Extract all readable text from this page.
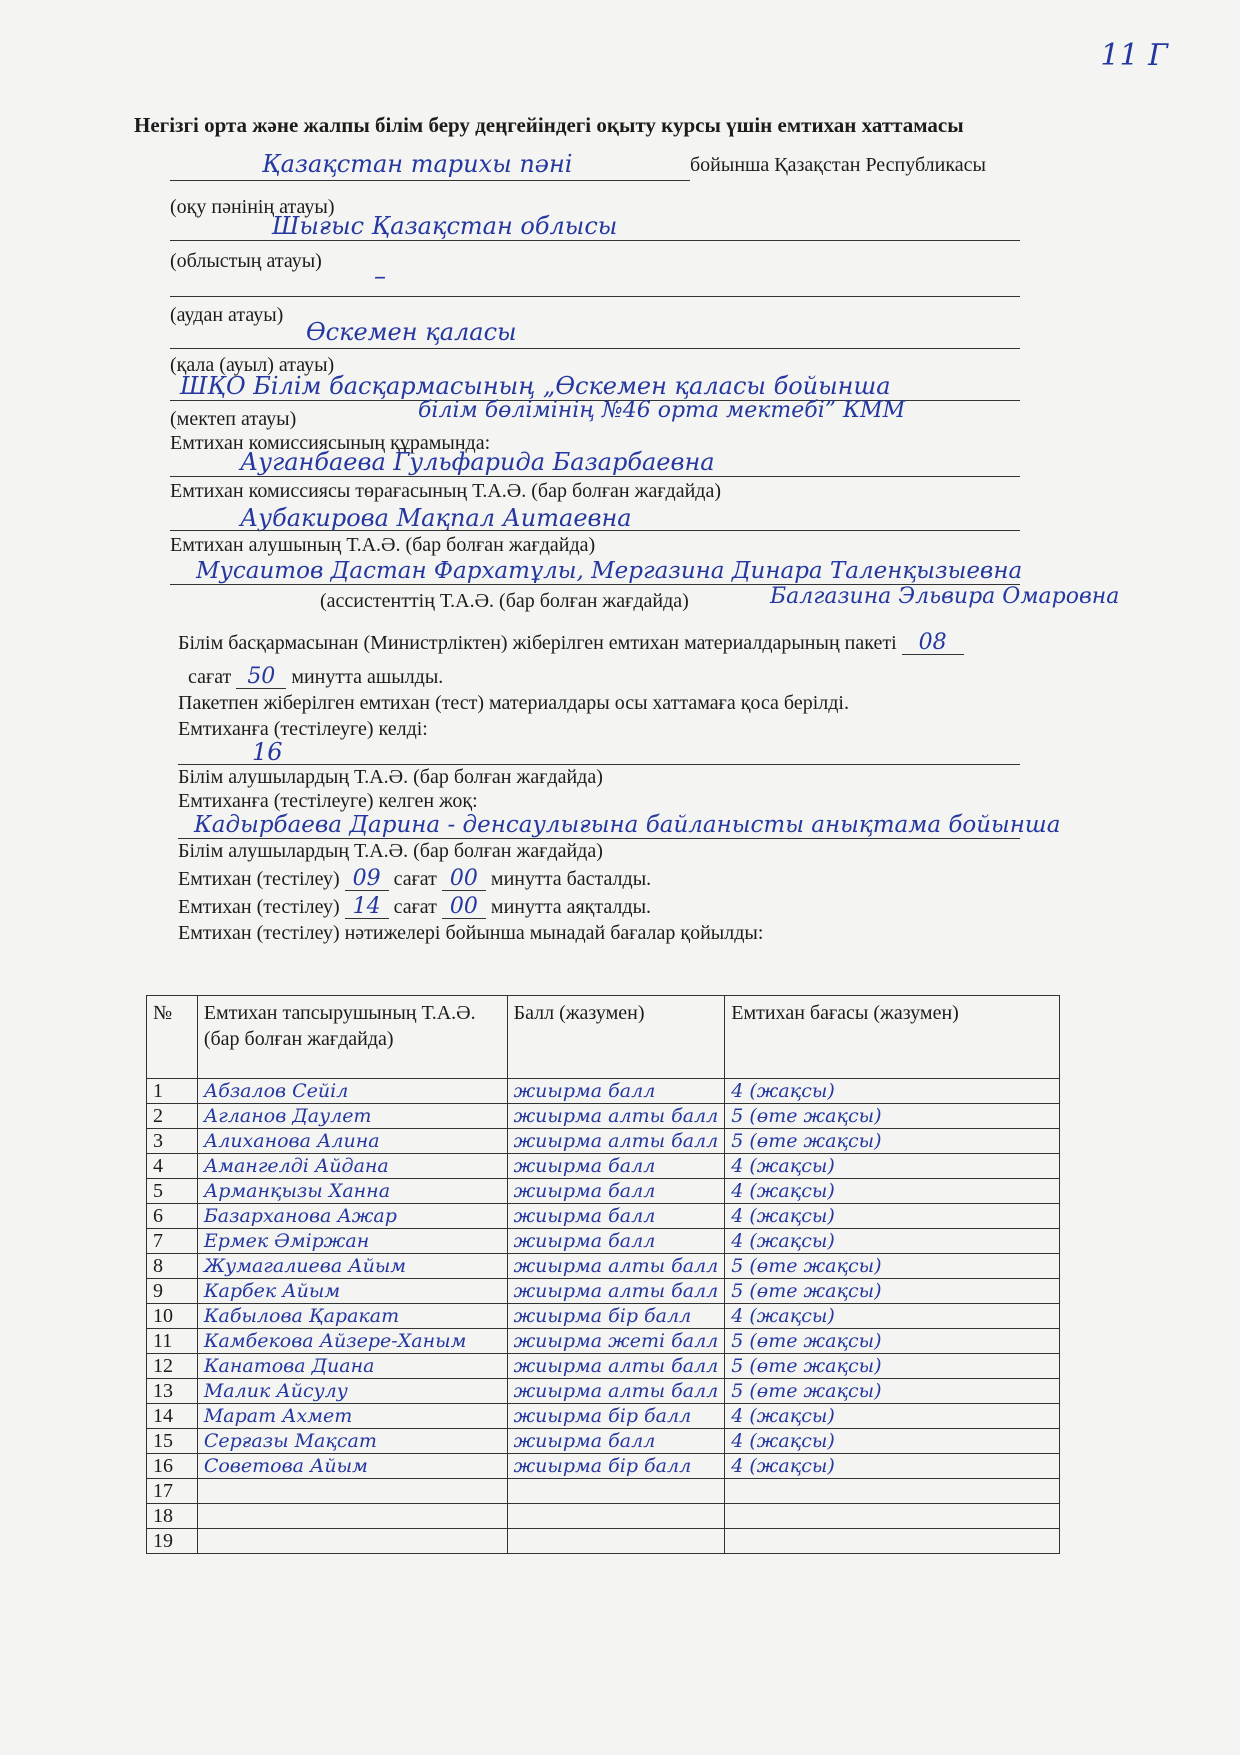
11 Г
Негізгі орта және жалпы білім беру деңгейіндегі оқыту курсы үшін емтихан хаттамасы
Қазақстан тарихы пәні	бойынша Қазақстан Республикасы
(оқу пәнінің атауы)
Шығыс Қазақстан облысы
(облыстың атауы)
–
(аудан атауы)
Өскемен қаласы
(қала (ауыл) атауы)
ШҚО Білім басқармасының „Өскемен қаласы бойынша
білім бөлімінің №46 орта мектебі” КММ
(мектеп атауы)
Емтихан комиссиясының құрамында:
Ауганбаева Гульфарида Базарбаевна
Емтихан комиссиясы төрағасының Т.А.Ә. (бар болған жағдайда)
Аубакирова Мақпал Аитаевна
Емтихан алушының Т.А.Ә. (бар болған жағдайда)
Мусаитов Дастан Фархатұлы, Мергазина Динара Таленқызыевна
(ассистенттің Т.А.Ә. (бар болған жағдайда)	Балгазина Эльвира Омаровна
Білім басқармасынан (Министрліктен) жіберілген емтихан материалдарының пакеті 08
сағат 50 минутта ашылды.
Пакетпен жіберілген емтихан (тест) материалдары осы хаттамаға қоса берілді.
Емтиханға (тестілеуге) келді:
16
Білім алушылардың Т.А.Ә. (бар болған жағдайда)
Емтиханға (тестілеуге) келген жоқ:
Кадырбаева Дарина - денсаулығына байланысты анықтама бойынша
Білім алушылардың Т.А.Ә. (бар болған жағдайда)
Емтихан (тестілеу) 09 сағат 00 минутта басталды.
Емтихан (тестілеу) 14 сағат 00 минутта аяқталды.
Емтихан (тестілеу) нәтижелері бойынша мынадай бағалар қойылды:
№	Емтихан тапсырушының Т.А.Ә. (бар болған жағдайда)	Балл (жазумен)	Емтихан бағасы (жазумен)
1	Абзалов Сейіл	жиырма балл	4 (жақсы)
2	Агланов Даулет	жиырма алты балл	5 (өте жақсы)
3	Алиханова Алина	жиырма алты балл	5 (өте жақсы)
4	Амангелді Айдана	жиырма балл	4 (жақсы)
5	Арманқызы Ханна	жиырма балл	4 (жақсы)
6	Базарханова Ажар	жиырма балл	4 (жақсы)
7	Ермек Әміржан	жиырма балл	4 (жақсы)
8	Жумагалиева Айым	жиырма алты балл	5 (өте жақсы)
9	Карбек Айым	жиырма алты балл	5 (өте жақсы)
10	Кабылова Қаракат	жиырма бір балл	4 (жақсы)
11	Камбекова Айзере-Ханым	жиырма жеті балл	5 (өте жақсы)
12	Канатова Диана	жиырма алты балл	5 (өте жақсы)
13	Малик Айсулу	жиырма алты балл	5 (өте жақсы)
14	Марат Ахмет	жиырма бір балл	4 (жақсы)
15	Серғазы Мақсат	жиырма балл	4 (жақсы)
16	Советова Айым	жиырма бір балл	4 (жақсы)
17			
18			
19			
